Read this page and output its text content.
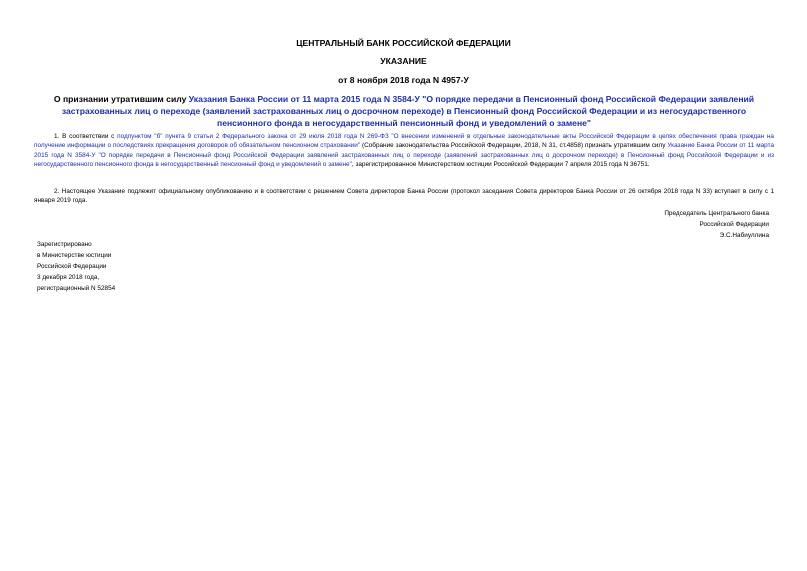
ЦЕНТРАЛЬНЫЙ БАНК РОССИЙСКОЙ ФЕДЕРАЦИИ
УКАЗАНИЕ
от 8 ноября 2018 года N 4957-У
О признании утратившим силу Указания Банка России от 11 марта 2015 года N 3584-У "О порядке передачи в Пенсионный фонд Российской Федерации заявлений застрахованных лиц о переходе (заявлений застрахованных лиц о досрочном переходе) в Пенсионный фонд Российской Федерации и из негосударственного пенсионного фонда в негосударственный пенсионный фонд и уведомлений о замене"
1. В соответствии с подпунктом "б" пункта 9 статьи 2 Федерального закона от 29 июля 2018 года N 269-ФЗ "О внесении изменений в отдельные законодательные акты Российской Федерации в целях обеспечения права граждан на получение информации о последствиях прекращения договоров об обязательном пенсионном страховании" (Собрание законодательства Российской Федерации, 2018, N 31, ст.4858) признать утратившим силу Указание Банка России от 11 марта 2015 года N 3584-У "О порядке передачи в Пенсионный фонд Российской Федерации заявлений застрахованных лиц о переходе (заявлений застрахованных лиц о досрочном переходе) в Пенсионный фонд Российской Федерации и из негосударственного пенсионного фонда в негосударственный пенсионный фонд и уведомлений о замене", зарегистрированное Министерством юстиции Российской Федерации 7 апреля 2015 года N 36751.
2. Настоящее Указание подлежит официальному опубликованию и в соответствии с решением Совета директоров Банка России (протокол заседания Совета директоров Банка России от 26 октября 2018 года N 33) вступает в силу с 1 января 2019 года.
Председатель Центрального банка
Российской Федерации
Э.С.Набиуллина
Зарегистрировано
в Министерстве юстиции
Российской Федерации
3 декабря 2018 года,
регистрационный N 52854
